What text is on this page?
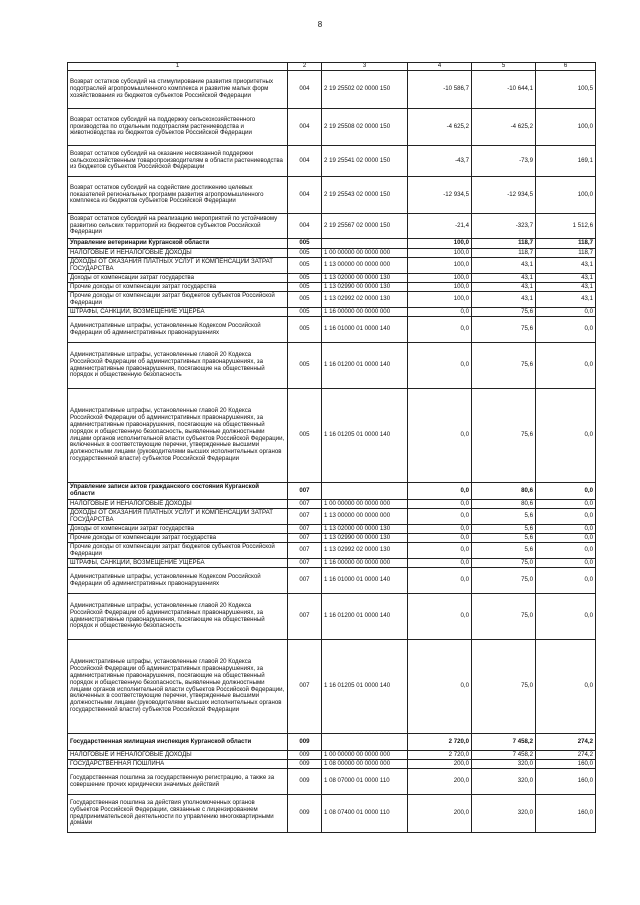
8
1	2	3	4	5	6
Возврат остатков субсидий на стимулирование развития приоритетных подотраслей агропромышленного комплекса и развитие малых форм хозяйствования из бюджетов субъектов Российской Федерации	004	2 19 25502 02 0000 150	-10 586,7	-10 644,1	100,5
Возврат остатков субсидий на поддержку сельскохозяйственного производства по отдельным подотраслям растениеводства и животноводства из бюджетов субъектов Российской Федерации	004	2 19 25508 02 0000 150	-4 625,2	-4 625,2	100,0
Возврат остатков субсидий на оказание несвязанной поддержки сельскохозяйственным товаропроизводителям в области растениеводства из бюджетов субъектов Российской Федерации	004	2 19 25541 02 0000 150	-43,7	-73,9	169,1
Возврат остатков субсидий на содействие достижению целевых показателей региональных программ развития агропромышленного комплекса из бюджетов субъектов Российской Федерации	004	2 19 25543 02 0000 150	-12 934,5	-12 934,5	100,0
Возврат остатков субсидий на реализацию мероприятий по устойчивому развитию сельских территорий из бюджетов субъектов Российской Федерации	004	2 19 25567 02 0000 150	-21,4	-323,7	1 512,6
Управление ветеринарии Курганской области	005		100,0	118,7	118,7
НАЛОГОВЫЕ И НЕНАЛОГОВЫЕ ДОХОДЫ	005	1 00 00000 00 0000 000	100,0	118,7	118,7
ДОХОДЫ ОТ ОКАЗАНИЯ ПЛАТНЫХ УСЛУГ И КОМПЕНСАЦИИ ЗАТРАТ ГОСУДАРСТВА	005	1 13 00000 00 0000 000	100,0	43,1	43,1
Доходы от компенсации затрат государства	005	1 13 02000 00 0000 130	100,0	43,1	43,1
Прочие доходы от компенсации затрат государства	005	1 13 02990 00 0000 130	100,0	43,1	43,1
Прочие доходы от компенсации затрат бюджетов субъектов Российской Федерации	005	1 13 02992 02 0000 130	100,0	43,1	43,1
ШТРАФЫ, САНКЦИИ, ВОЗМЕЩЕНИЕ УЩЕРБА	005	1 16 00000 00 0000 000	0,0	75,6	0,0
Административные штрафы, установленные Кодексом Российской Федерации об административных правонарушениях	005	1 16 01000 01 0000 140	0,0	75,6	0,0
Административные штрафы, установленные главой 20 Кодекса Российской Федерации об административных правонарушениях, за административные правонарушения, посягающие на общественный порядок и общественную безопасность	005	1 16 01200 01 0000 140	0,0	75,6	0,0
Административные штрафы, установленные главой 20 Кодекса Российской Федерации об административных правонарушениях, за административные правонарушения, посягающие на общественный порядок и общественную безопасность, выявленные должностными лицами органов исполнительной власти субъектов Российской Федерации, включенных в соответствующие перечни, утвержденные высшими должностными лицами (руководителями высших исполнительных органов государственной власти) субъектов Российской Федерации	005	1 16 01205 01 0000 140	0,0	75,6	0,0
Управление записи актов гражданского состояния Курганской области	007		0,0	80,6	0,0
НАЛОГОВЫЕ И НЕНАЛОГОВЫЕ ДОХОДЫ	007	1 00 00000 00 0000 000	0,0	80,6	0,0
ДОХОДЫ ОТ ОКАЗАНИЯ ПЛАТНЫХ УСЛУГ И КОМПЕНСАЦИИ ЗАТРАТ ГОСУДАРСТВА	007	1 13 00000 00 0000 000	0,0	5,6	0,0
Доходы от компенсации затрат государства	007	1 13 02000 00 0000 130	0,0	5,6	0,0
Прочие доходы от компенсации затрат государства	007	1 13 02990 00 0000 130	0,0	5,6	0,0
Прочие доходы от компенсации затрат бюджетов субъектов Российской Федерации	007	1 13 02992 02 0000 130	0,0	5,6	0,0
ШТРАФЫ, САНКЦИИ, ВОЗМЕЩЕНИЕ УЩЕРБА	007	1 16 00000 00 0000 000	0,0	75,0	0,0
Административные штрафы, установленные Кодексом Российской Федерации об административных правонарушениях	007	1 16 01000 01 0000 140	0,0	75,0	0,0
Административные штрафы, установленные главой 20 Кодекса Российской Федерации об административных правонарушениях, за административные правонарушения, посягающие на общественный порядок и общественную безопасность	007	1 16 01200 01 0000 140	0,0	75,0	0,0
Административные штрафы, установленные главой 20 Кодекса Российской Федерации об административных правонарушениях, за административные правонарушения, посягающие на общественный порядок и общественную безопасность, выявленные должностными лицами органов исполнительной власти субъектов Российской Федерации, включенных в соответствующие перечни, утвержденные высшими должностными лицами (руководителями высших исполнительных органов государственной власти) субъектов Российской Федерации	007	1 16 01205 01 0000 140	0,0	75,0	0,0
Государственная жилищная инспекция Курганской области	009		2 720,0	7 458,2	274,2
НАЛОГОВЫЕ И НЕНАЛОГОВЫЕ ДОХОДЫ	009	1 00 00000 00 0000 000	2 720,0	7 458,2	274,2
ГОСУДАРСТВЕННАЯ ПОШЛИНА	009	1 08 00000 00 0000 000	200,0	320,0	160,0
Государственная пошлина за государственную регистрацию, а также за совершение прочих юридически значимых действий	009	1 08 07000 01 0000 110	200,0	320,0	160,0
Государственная пошлина за действия уполномоченных органов субъектов Российской Федерации, связанные с лицензированием предпринимательской деятельности по управлению многоквартирными домами	009	1 08 07400 01 0000 110	200,0	320,0	160,0
